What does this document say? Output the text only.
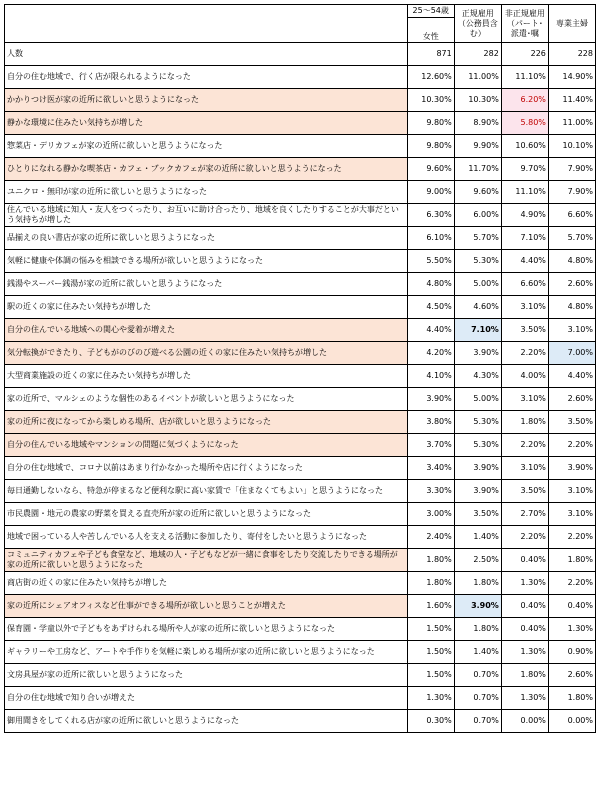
	25～54歳
女性	正規雇用（公務員含む）	非正規雇用（パート･派遣･嘱	専業主婦
人数	871	282	226	228
自分の住む地域で、行く店が限られるようになった	12.60%	11.00%	11.10%	14.90%
かかりつけ医が家の近所に欲しいと思うようになった	10.30%	10.30%	6.20%	11.40%
静かな環境に住みたい気持ちが増した	9.80%	8.90%	5.80%	11.00%
惣菜店・デリカフェが家の近所に欲しいと思うようになった	9.80%	9.90%	10.60%	10.10%
ひとりになれる静かな喫茶店・カフェ・ブックカフェが家の近所に欲しいと思うようになった	9.60%	11.70%	9.70%	7.90%
ユニクロ・無印が家の近所に欲しいと思うようになった	9.00%	9.60%	11.10%	7.90%
住んでいる地域に知人・友人をつくったり、お互いに助け合ったり、地域を良くしたりすることが大事だという気持ちが増した	6.30%	6.00%	4.90%	6.60%
品揃えの良い書店が家の近所に欲しいと思うようになった	6.10%	5.70%	7.10%	5.70%
気軽に健康や体調の悩みを相談できる場所が欲しいと思うようになった	5.50%	5.30%	4.40%	4.80%
銭湯やスーパー銭湯が家の近所に欲しいと思うようになった	4.80%	5.00%	6.60%	2.60%
駅の近くの家に住みたい気持ちが増した	4.50%	4.60%	3.10%	4.80%
自分の住んでいる地域への関心や愛着が増えた	4.40%	7.10%	3.50%	3.10%
気分転換ができたり、子どもがのびのび遊べる公園の近くの家に住みたい気持ちが増した	4.20%	3.90%	2.20%	7.00%
大型商業施設の近くの家に住みたい気持ちが増した	4.10%	4.30%	4.00%	4.40%
家の近所で、マルシェのような個性のあるイベントが欲しいと思うようになった	3.90%	5.00%	3.10%	2.60%
家の近所に夜になってから楽しめる場所、店が欲しいと思うようになった	3.80%	5.30%	1.80%	3.50%
自分の住んでいる地域やマンションの問題に気づくようになった	3.70%	5.30%	2.20%	2.20%
自分の住む地域で、コロナ以前はあまり行かなかった場所や店に行くようになった	3.40%	3.90%	3.10%	3.90%
毎日通勤しないなら、特急が停まるなど便利な駅に高い家賃で「住まなくてもよい」と思うようになった	3.30%	3.90%	3.50%	3.10%
市民農園・地元の農家の野菜を買える直売所が家の近所に欲しいと思うようになった	3.00%	3.50%	2.70%	3.10%
地域で困っている人や苦しんでいる人を支える活動に参加したり、寄付をしたいと思うようになった	2.40%	1.40%	2.20%	2.20%
コミュニティカフェや子ども食堂など、地域の人・子どもなどが一緒に食事をしたり交流したりできる場所が家の近所に欲しいと思うようになった	1.80%	2.50%	0.40%	1.80%
商店街の近くの家に住みたい気持ちが増した	1.80%	1.80%	1.30%	2.20%
家の近所にシェアオフィスなど仕事ができる場所が欲しいと思うことが増えた	1.60%	3.90%	0.40%	0.40%
保育園・学童以外で子どもをあずけられる場所や人が家の近所に欲しいと思うようになった	1.50%	1.80%	0.40%	1.30%
ギャラリーや工房など、アートや手作りを気軽に楽しめる場所が家の近所に欲しいと思うようになった	1.50%	1.40%	1.30%	0.90%
文房具屋が家の近所に欲しいと思うようになった	1.50%	0.70%	1.80%	2.60%
自分の住む地域で知り合いが増えた	1.30%	0.70%	1.30%	1.80%
御用聞きをしてくれる店が家の近所に欲しいと思うようになった	0.30%	0.70%	0.00%	0.00%
